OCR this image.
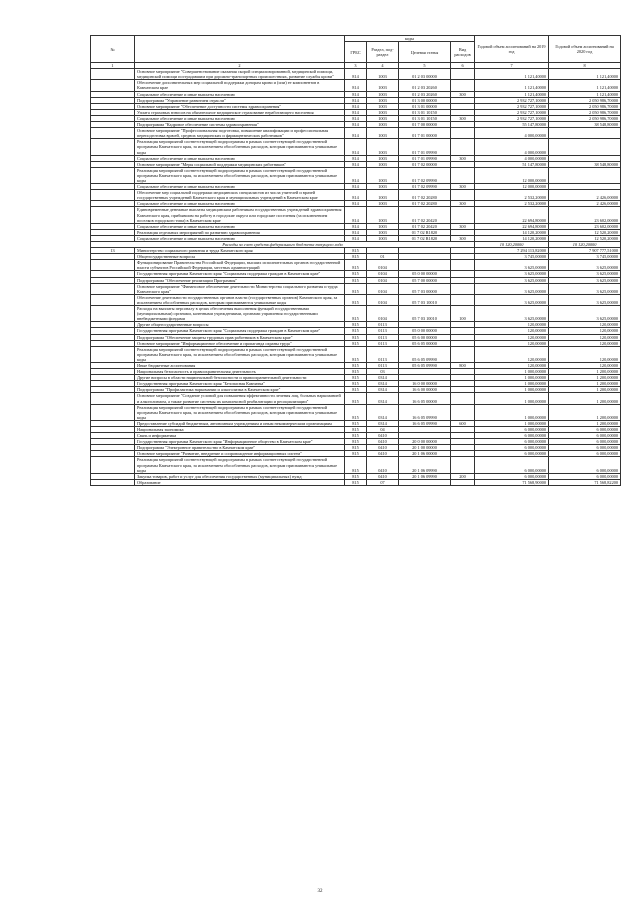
№		коды				Годовой объем ассигнований на 2019 год	Годовой объем ассигнований на 2020 год
		ГРБС	Раздел, под-раздел	Целевая статья	Вид расходов		
1	2	3	4	5	6	7	8
	Основное мероприятие "Совершенствование оказания скорой специализированной, медицинской помощи, медицинской помощи пострадавшим при дорожно-транспортных происшествиях, развитие службы крови"	814	1003	01 2 03 00000		1 121,40000	1 121,40000
	Обеспечение дополнительных мер социальной поддержки донорам крови и (или) ее компонентов в Камчатском крае	814	1003	01 2 03 20260		1 121,40000	1 121,40000
	Социальное обеспечение и иные выплаты населению	814	1003	01 2 03 20260	300	1 121,40000	1 121,40000
	Подпрограмма "Управление развитием отрасли"	814	1003	01 3 00 00000		2 932 727,10000	2 050 986,70000
	Основное мероприятие "Обеспечение доступности системы здравоохранения"	814	1003	01 3 01 00000		2 932 727,10000	2 050 986,70000
	Уплата страховых взносов на обязательное медицинское страхование неработающего населения	814	1003	01 3 01 10150		2 932 727,10000	2 050 986,70000
	Социальное обеспечение и иные выплаты населению	814	1003	01 3 01 10150	300	2 932 727,10000	2 050 986,70000
	Подпрограмма "Кадровое обеспечение системы здравоохранения"	814	1003	01 7 00 00000		55 147,80000	38 548,80000
	Основное мероприятие "Профессиональная подготовка, повышение квалификации и профессиональная переподготовка врачей, средних медицинских и фармацевтических работников"	814	1003	01 7 01 00000		4 000,00000	
	Реализация мероприятий соответствующей подпрограммы в рамках соответствующей государственной программы Камчатского края, за исключением обособленных расходов, которым присваиваются уникальные коды	814	1003	01 7 01 09990		4 000,00000	
	Социальное обеспечение и иные выплаты населению	814	1003	01 7 01 09990	300	4 000,00000	
	Основное мероприятие "Меры социальной поддержки медицинских работников"	814	1003	01 7 02 00000		51 147,80000	38 548,80000
	Реализация мероприятий соответствующей подпрограммы в рамках соответствующей государственной программы Камчатского края, за исключением обособленных расходов, которым присваиваются уникальные коды	814	1003	01 7 02 09990		12 000,00000	
	Социальное обеспечение и иные выплаты населению	814	1003	01 7 02 09990	300	12 000,00000	
	Обеспечение мер социальной поддержки медицинских специалистов из числа учителей и врачей государственных учреждений Камчатского края и муниципальных учреждений в Камчатском крае	814	1003	01 7 02 20280		2 532,20000	2 426,00000
	Социальное обеспечение и иные выплаты населению	814	1003	01 7 02 20280	300	2 532,20000	2 426,00000
	Единовременные денежные выплаты медицинским работникам государственных учреждений здравоохранения Камчатского края, прибывшим на работу в городские округа или городские поселения (за исключением поселков городского типа) в Камчатском крае	814	1003	01 7 02 20420		22 694,80000	23 602,00000
	Социальное обеспечение и иные выплаты населению	814	1003	01 7 02 20420	300	22 694,80000	23 602,00000
	Реализация отдельных мероприятий по развитию здравоохранения	814	1003	01 7 02 R1820		14 120,20000	12 520,20000
	Социальное обеспечение и иные выплаты населению	814	1003	01 7 02 R1820	300	14 120,20000	12 520,20000
Расходы за счет средств федерального бюджета текущего года						10 120,20000	10 120,20000
13	Министерство социального развития и труда Камчатского края	815				7 294 113,82000	7 907 777,51000
	Общегосударственные вопросы	815	01			3 745,00000	3 745,00000
	Функционирование Правительства Российской Федерации, высших исполнительных органов государственной власти субъектов Российской Федерации, местных администраций	815	0104			3 625,00000	3 625,00000
	Государственная программа Камчатского края "Социальная поддержка граждан в Камчатском крае"	815	0104	05 0 00 00000		3 625,00000	3 625,00000
	Подпрограмма "Обеспечение реализации Программы"	815	0104	05 7 00 00000		3 625,00000	3 625,00000
	Основное мероприятие "Финансовое обеспечение деятельности Министерства социального развития и труда Камчатского края"	815	0104	05 7 03 00000		3 625,00000	3 625,00000
	Обеспечение деятельности государственных органов власти (государственных органов) Камчатского края, за исключением обособленных расходов, которым присваиваются уникальные коды	815	0104	05 7 03 10010		3 625,00000	3 625,00000
	Расходы на выплаты персоналу в целях обеспечения выполнения функций государственными (муниципальными) органами, казенными учреждениями, органами управления государственными внебюджетными фондами	815	0104	05 7 03 10010	100	3 625,00000	3 625,00000
	Другие общегосударственные вопросы	815	0113			120,00000	120,00000
	Государственная программа Камчатского края "Социальная поддержка граждан в Камчатском крае"	815	0113	05 0 00 00000		120,00000	120,00000
	Подпрограмма "Обеспечение защиты трудовых прав работников в Камчатском крае"	815	0113	05 6 00 00000		120,00000	120,00000
	Основное мероприятие "Информационное обеспечение и пропаганда охраны труда"	815	0113	05 6 05 00000		120,00000	120,00000
	Реализация мероприятий соответствующей подпрограммы в рамках соответствующей государственной программы Камчатского края, за исключением обособленных расходов, которым присваиваются уникальные коды	815	0113	05 6 05 09990		120,00000	120,00000
	Иные бюджетные ассигнования	815	0113	05 6 05 09990	800	120,00000	120,00000
	Национальная безопасность и правоохранительная деятельность	815	03			1 000,00000	1 200,00000
	Другие вопросы в области национальной безопасности и правоохранительной деятельности	815	0314			1 000,00000	1 200,00000
	Государственная программа Камчатского края "Безопасная Камчатка"	815	0314	16 0 00 00000		1 000,00000	1 200,00000
	Подпрограмма "Профилактика наркомании и алкоголизма в Камчатском крае"	815	0314	16 6 00 00000		1 000,00000	1 200,00000
	Основное мероприятие "Создание условий для повышения эффективности лечения лиц, больных наркоманией и алкоголизмом, а также развитие системы их комплексной реабилитации и ресоциализации"	815	0314	16 6 05 00000		1 000,00000	1 200,00000
	Реализация мероприятий соответствующей подпрограммы в рамках соответствующей государственной программы Камчатского края, за исключением обособленных расходов, которым присваиваются уникальные коды	815	0314	16 6 05 09990		1 000,00000	1 200,00000
	Предоставление субсидий бюджетным, автономным учреждениям и иным некоммерческим организациям	815	0314	16 6 05 09990	600	1 000,00000	1 200,00000
	Национальная экономика	815	04			6 000,00000	6 000,00000
	Связь и информатика	815	0410			6 000,00000	6 000,00000
	Государственная программа Камчатского края "Информационное общество в Камчатском крае"	815	0410	20 0 00 00000		6 000,00000	6 000,00000
	Подпрограмма "Электронное правительство в Камчатском крае"	815	0410	20 1 00 00000		6 000,00000	6 000,00000
	Основное мероприятие "Развитие, внедрение и сопровождение информационных систем"	815	0410	20 1 06 00000		6 000,00000	6 000,00000
	Реализация мероприятий соответствующей подпрограммы в рамках соответствующей государственной программы Камчатского края, за исключением обособленных расходов, которым присваиваются уникальные коды	815	0410	20 1 06 09990		6 000,00000	6 000,00000
	Закупка товаров, работ и услуг для обеспечения государственных (муниципальных) нужд	815	0410	20 1 06 09990	200	6 000,00000	6 000,00000
	Образование	815	07			71 568,90000	71 568,82200
32
